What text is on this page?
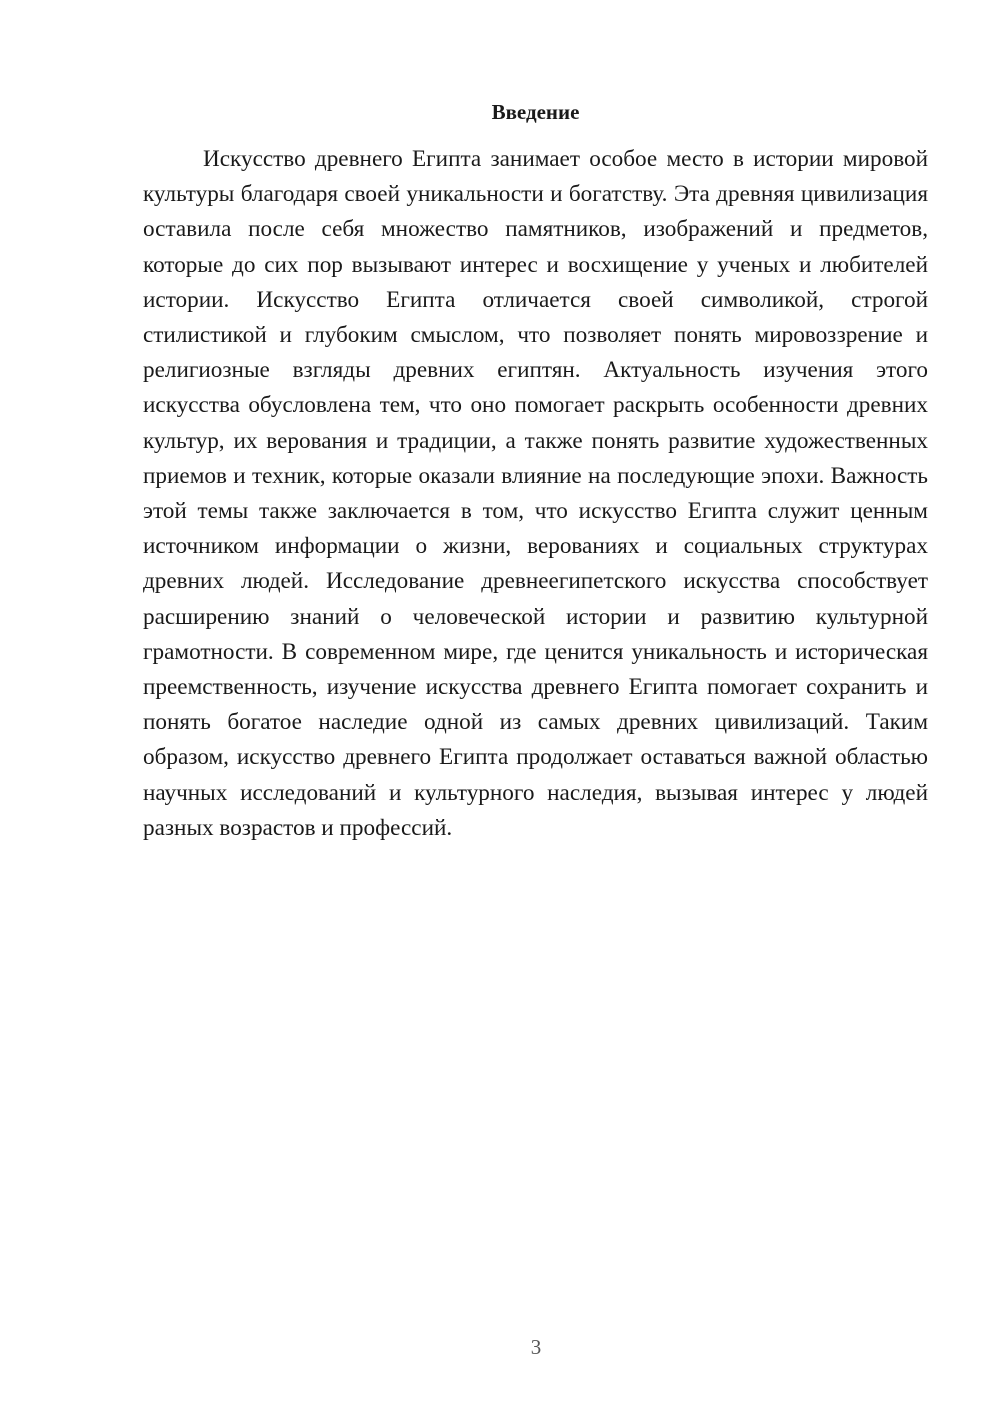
Введение

Искусство древнего Египта занимает особое место в истории мировой культуры благодаря своей уникальности и богатству. Эта древняя цивилизация оставила после себя множество памятников, изображений и предметов, которые до сих пор вызывают интерес и восхищение у ученых и любителей истории. Искусство Египта отличается своей символикой, строгой стилистикой и глубоким смыслом, что позволяет понять мировоззрение и религиозные взгляды древних египтян. Актуальность изучения этого искусства обусловлена тем, что оно помогает раскрыть особенности древних культур, их верования и традиции, а также понять развитие художественных приемов и техник, которые оказали влияние на последующие эпохи. Важность этой темы также заключается в том, что искусство Египта служит ценным источником информации о жизни, верованиях и социальных структурах древних людей. Исследование древнеегипетского искусства способствует расширению знаний о человеческой истории и развитию культурной грамотности. В современном мире, где ценится уникальность и историческая преемственность, изучение искусства древнего Египта помогает сохранить и понять богатое наследие одной из самых древних цивилизаций. Таким образом, искусство древнего Египта продолжает оставаться важной областью научных исследований и культурного наследия, вызывая интерес у людей разных возрастов и профессий.

3
